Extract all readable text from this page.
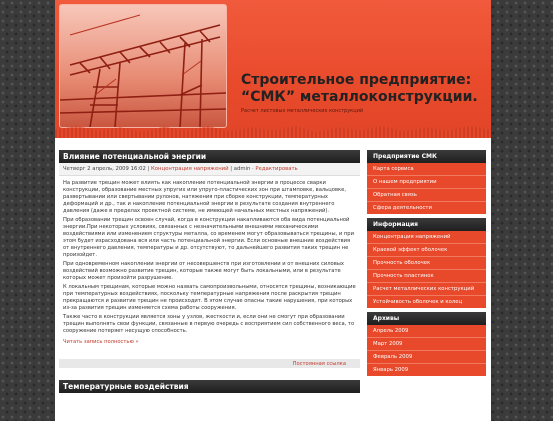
Строительное предприятие:
“СМК” металлоконструкции.
Расчет листовых металлических конструкций
Влияние потенциальной энергии
Четверг 2 апрель, 2009 16:02 | Концентрация напряжений | admin · Редактировать

На развитие трещин может влиять как накопление потенциальной энергии в процессе сварки конструкции, образование местных упругих или упруго-пластических зон при штамповке, вальцовке, развертывании или свертывании рулонов, натяжения при сборке конструкции, температурных деформаций и др., так и накопление потенциальной энергии в результате создания внутреннего давления (даже в пределах проектной системе, не имеющей начальных местных напряжений).

При образовании трещин освоен случай, когда в конструкции накапливаются оба вида потенциальной энергии.При некоторых условиях, связанных с незначительными внешними механическими воздействиями или изменением структуры металла, со временем могут образовываться трещины, и при этом будет израсходована вся или часть потенциальной энергии. Если основные внешние воздействия от внутреннего давления, температуры и др. отсутствуют, то дальнейшего развития таких трещин не произойдет.

При одновременном накоплении энергии от несовершенств при изготовлении и от внешних силовых воздействий возможно развитие трещин, которые также могут быть локальными, или в результате которых может произойти разрушение.

К локальным трещинам, которые можно назвать самопроизвольными, относятся трещины, возникающие при температурных воздействиях, поскольку температурные напряжения после раскрытия трещин прекращаются и развитие трещин не происходит. В этом случае опасны такие нарушения, при которых из-за развития трещин изменяется схема работы сооружения.

Также часто в конструкции является зоны у узлов, жесткости и, если они не смогут при образовании трещин выполнять свои функции, связанные в первую очередь с восприятием сил собственного веса, то сооружение потеряет несущую способность.

Читать запись полностью »
Постоянная ссылка
Температурные воздействия
Предприятие СМК
Карта сервиса
О нашем предприятии
Обратная связь
Сфера деятельности
Информация
Концентрация напряжений
Краевой эффект оболочек
Прочность оболочек
Прочность пластинок
Расчет металлических конструкций
Устойчивость оболочек и колец
Архивы
Апрель 2009
Март 2009
Февраль 2009
Январь 2009
